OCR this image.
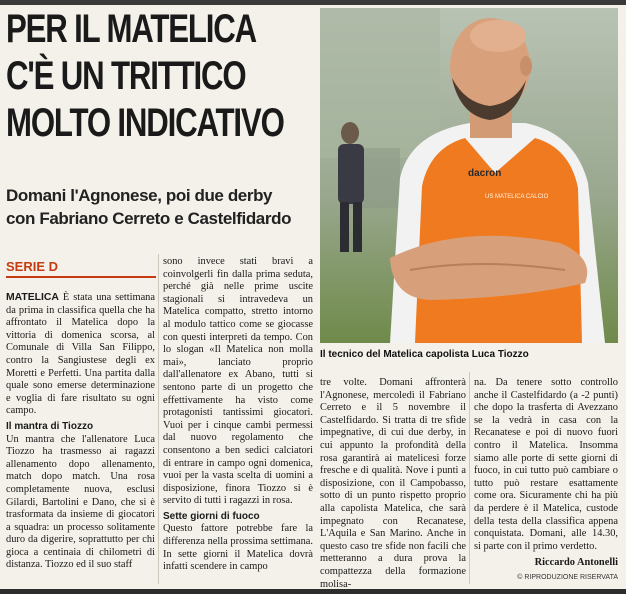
PER IL MATELICA
C'È UN TRITTICO
MOLTO INDICATIVO
Domani l'Agnonese, poi due derby
con Fabriano Cerreto e Castelfidardo
dacron
US MATELICA CALCIO
Il tecnico del Matelica capolista Luca Tiozzo
SERIE D

MATELICA È stata una settimana da prima in classifica quella che ha affrontato il Matelica dopo la vittoria di domenica scorsa, al Comunale di Villa San Filippo, contro la Sangiustese degli ex Moretti e Perfetti. Una partita dalla quale sono emerse determinazione e voglia di fare risultato su ogni campo.

Il mantra di Tiozzo

Un mantra che l'allenatore Luca Tiozzo ha trasmesso ai ragazzi allenamento dopo allenamento, match dopo match. Una rosa completamente nuova, esclusi Gilardi, Bartolini e Dano, che si è trasformata da insieme di giocatori a squadra: un processo solitamente duro da digerire, soprattutto per chi gioca a centinaia di chilometri di distanza. Tiozzo ed il suo staff

sono invece stati bravi a coinvolgerli fin dalla prima seduta, perché già nelle prime uscite stagionali si intravedeva un Matelica compatto, stretto intorno al modulo tattico come se giocasse con questi interpreti da tempo. Con lo slogan «Il Matelica non molla mai», lanciato proprio dall'allenatore ex Abano, tutti si sentono parte di un progetto che effettivamente ha visto come protagonisti tantissimi giocatori. Vuoi per i cinque cambi permessi dal nuovo regolamento che consentono a ben sedici calciatori di entrare in campo ogni domenica, vuoi per la vasta scelta di uomini a disposizione, finora Tiozzo si è servito di tutti i ragazzi in rosa.

Sette giorni di fuoco

Questo fattore potrebbe fare la differenza nella prossima settimana. In sette giorni il Matelica dovrà infatti scendere in campo

tre volte. Domani affronterà l'Agnonese, mercoledì il Fabriano Cerreto e il 5 novembre il Castelfidardo. Si tratta di tre sfide impegnative, di cui due derby, in cui appunto la profondità della rosa garantirà ai matelicesi forze fresche e di qualità. Nove i punti a disposizione, con il Campobasso, sotto di un punto rispetto proprio alla capolista Matelica, che sarà impegnato con Recanatese, L'Aquila e San Marino. Anche in questo caso tre sfide non facili che metteranno a dura prova la compattezza della formazione molisa-

na. Da tenere sotto controllo anche il Castelfidardo (a -2 punti) che dopo la trasferta di Avezzano se la vedrà in casa con la Recanatese e poi di nuovo fuori contro il Matelica. Insomma siamo alle porte di sette giorni di fuoco, in cui tutto può cambiare o tutto può restare esattamente come ora. Sicuramente chi ha più da perdere è il Matelica, custode della testa della classifica appena conquistata. Domani, alle 14.30, si parte con il primo verdetto.

Riccardo Antonelli

© RIPRODUZIONE RISERVATA
